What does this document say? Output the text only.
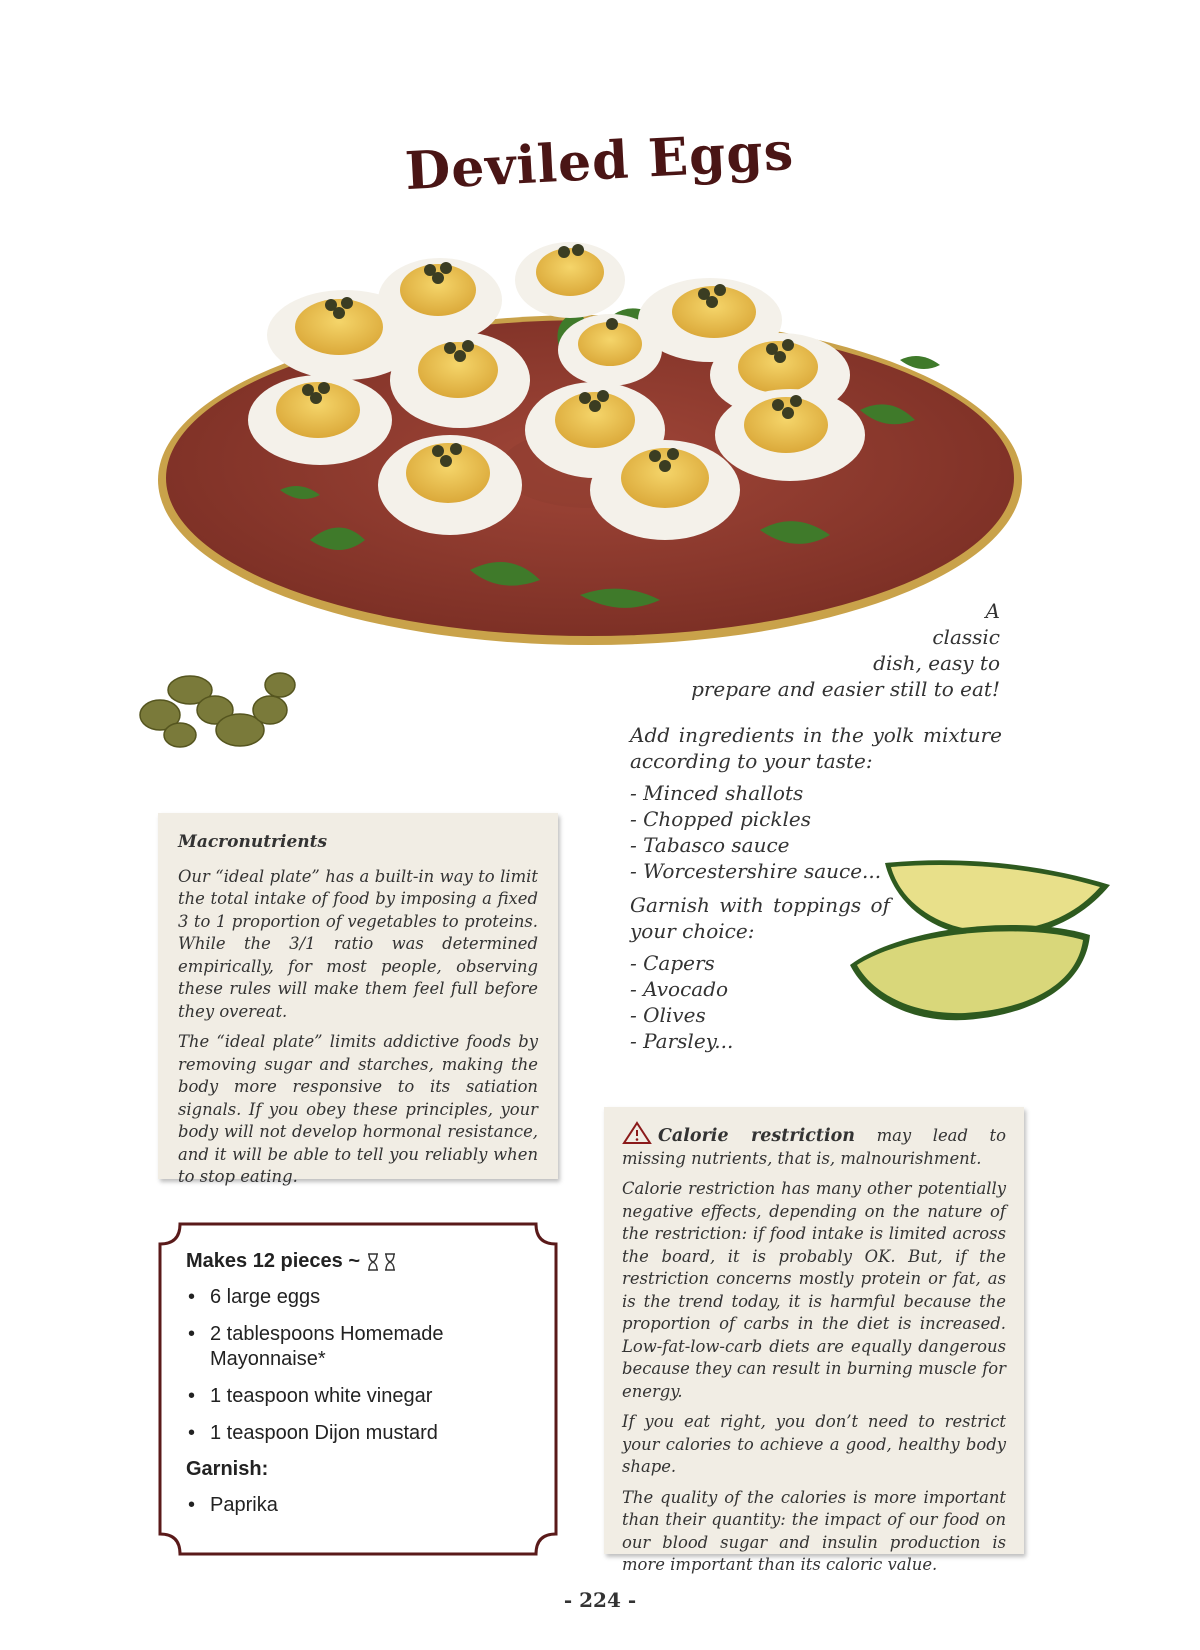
Deviled Eggs
A
classic
dish, easy to
prepare and easier still to eat!

Add ingredients in the yolk mixture according to your taste:

- Minced shallots
- Chopped pickles
- Tabasco sauce
- Worcestershire sauce...

Garnish with toppings of your choice:

- Capers
- Avocado
- Olives
- Parsley...
Macronutrients

Our “ideal plate” has a built-in way to limit the total intake of food by imposing a fixed 3 to 1 proportion of vegetables to proteins. While the 3/1 ratio was determined empirically, for most people, observing these rules will make them feel full before they overeat.

The “ideal plate” limits addictive foods by removing sugar and starches, making the body more responsive to its satiation signals. If you obey these principles, your body will not develop hormonal resistance, and it will be able to tell you reliably when to stop eating.

Makes 12 pieces ~
• 6 large eggs
• 2 tablespoons Homemade Mayonnaise*
• 1 teaspoon white vinegar
• 1 teaspoon Dijon mustard
Garnish:
• Paprika

Calorie restriction may lead to missing nutrients, that is, malnourishment.

Calorie restriction has many other potentially negative effects, depending on the nature of the restriction: if food intake is limited across the board, it is probably OK. But, if the restriction concerns mostly protein or fat, as is the trend today, it is harmful because the proportion of carbs in the diet is increased. Low-fat-low-carb diets are equally dangerous because they can result in burning muscle for energy.

If you eat right, you don’t need to restrict your calories to achieve a good, healthy body shape.

The quality of the calories is more important than their quantity: the impact of our food on our blood sugar and insulin production is more important than its caloric value.

- 224 -
